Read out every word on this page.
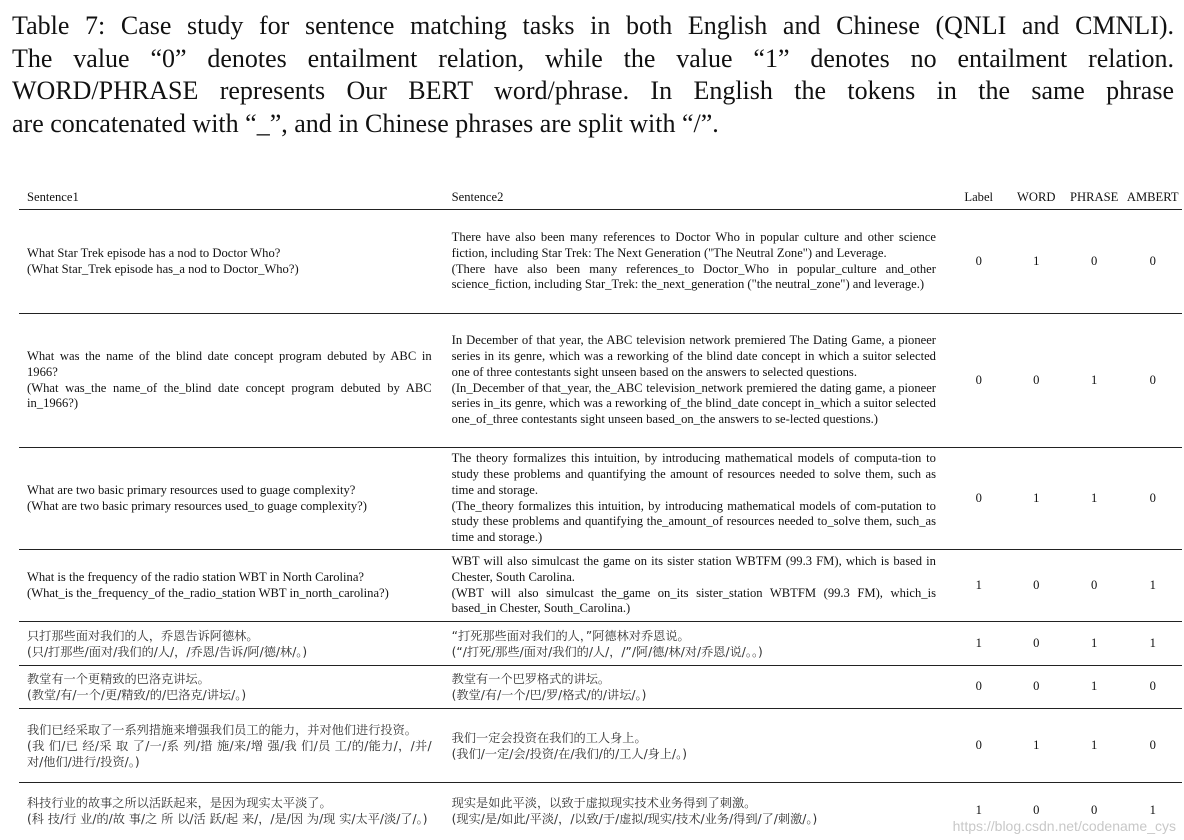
Table 7: Case study for sentence matching tasks in both English and Chinese (QNLI and CMNLI).
The value “0” denotes entailment relation, while the value “1” denotes no entailment relation.
WORD/PHRASE represents Our BERT word/phrase. In English the tokens in the same phrase
are concatenated with “_”, and in Chinese phrases are split with “/”.
Sentence1	Sentence2	Label	WORD	PHRASE	AMBERT

What Star Trek episode has a nod to Doctor Who?
(What Star_Trek episode has_a nod to Doctor_Who?)	There have also been many references to Doctor Who in popular culture and other science fiction, including Star Trek: The Next Generation ("The Neutral Zone") and Leverage.
(There have also been many references_to Doctor_Who in popular_culture and_other science_fiction, including Star_Trek: the_next_generation ("the neutral_zone") and leverage.)	0	1	0	0

What was the name of the blind date concept program debuted by ABC in 1966?
(What was_the name_of the_blind date concept program debuted by ABC in_1966?)	In December of that year, the ABC television network premiered The Dating Game, a pioneer series in its genre, which was a reworking of the blind date concept in which a suitor selected one of three contestants sight unseen based on the answers to selected questions.
(In_December of that_year, the_ABC television_network premiered the dating game, a pioneer series in_its genre, which was a reworking of_the blind_date concept in_which a suitor selected one_of_three contestants sight unseen based_on_the answers to se-lected questions.)	0	0	1	0

What are two basic primary resources used to guage complexity?
(What are two basic primary resources used_to guage complexity?)	The theory formalizes this intuition, by introducing mathematical models of computa-tion to study these problems and quantifying the amount of resources needed to solve them, such as time and storage.
(The_theory formalizes this intuition, by introducing mathematical models of com-putation to study these problems and quantifying the_amount_of resources needed to_solve them, such_as time and storage.)	0	1	1	0

What is the frequency of the radio station WBT in North Carolina?
(What_is the_frequency_of the_radio_station WBT in_north_carolina?)	WBT will also simulcast the game on its sister station WBTFM (99.3 FM), which is based in Chester, South Carolina.
(WBT will also simulcast the_game on_its sister_station WBTFM (99.3 FM), which_is based_in Chester, South_Carolina.)	1	0	0	1

只打那些面对我们的人，乔恩告诉阿德林。
(只/打那些/面对/我们的/人/，/乔恩/告诉/阿/德/林/。)	“打死那些面对我们的人，”阿德林对乔恩说。
(“/打死/那些/面对/我们的/人/，/”/阿/德/林/对/乔恩/说/。。)	1	0	1	1

教堂有一个更精致的巴洛克讲坛。
(教堂/有/一个/更/精致/的/巴洛克/讲坛/。)	教堂有一个巴罗格式的讲坛。
(教堂/有/一个/巴/罗/格式/的/讲坛/。)	0	0	1	0

我们已经采取了一系列措施来增强我们员工的能力，并对他们进行投资。
(我 们/已 经/采 取 了/一/系 列/措 施/来/增 强/我 们/员 工/的/能力/，/并/对/他们/进行/投资/。)	我们一定会投资在我们的工人身上。
(我们/一定/会/投资/在/我们/的/工人/身上/。)	0	1	1	0

科技行业的故事之所以活跃起来，是因为现实太平淡了。
(科 技/行 业/的/故 事/之 所 以/活 跃/起 来/，/是/因 为/现 实/太平/淡/了/。)	现实是如此平淡，以致于虚拟现实技术业务得到了刺激。
(现实/是/如此/平淡/，/以致/于/虚拟/现实/技术/业务/得到/了/刺激/。)	1	0	0	1
https://blog.csdn.net/codename_cys
